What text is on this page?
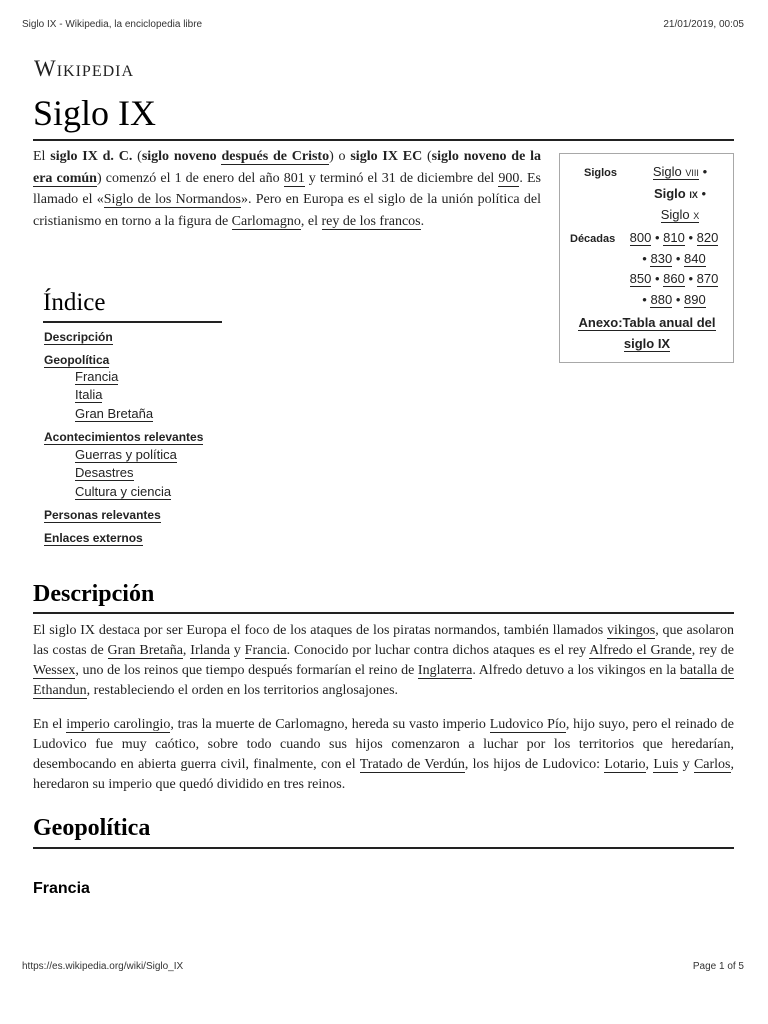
Siglo IX - Wikipedia, la enciclopedia libre	21/01/2019, 00:05
Wikipedia
Siglo IX

El siglo IX d. C. (siglo noveno después de Cristo) o siglo IX EC (siglo noveno de la era común) comenzó el 1 de enero del año 801 y terminó el 31 de diciembre del 900. Es llamado el «Siglo de los Normandos». Pero en Europa es el siglo de la unión política del cristianismo en torno a la figura de Carlomagno, el rey de los francos.

Siglos	Siglo VIII •
Siglo IX •
Siglo X
Décadas	800 • 810 • 820
• 830 • 840
850 • 860 • 870
• 880 • 890
Anexo:Tabla anual del siglo IX
Índice
Descripción
Geopolítica
Francia
Italia
Gran Bretaña
Acontecimientos relevantes
Guerras y política
Desastres
Cultura y ciencia
Personas relevantes
Enlaces externos
Descripción

El siglo IX destaca por ser Europa el foco de los ataques de los piratas normandos, también llamados vikingos, que asolaron las costas de Gran Bretaña, Irlanda y Francia. Conocido por luchar contra dichos ataques es el rey Alfredo el Grande, rey de Wessex, uno de los reinos que tiempo después formarían el reino de Inglaterra. Alfredo detuvo a los vikingos en la batalla de Ethandun, restableciendo el orden en los territorios anglosajones.

En el imperio carolingio, tras la muerte de Carlomagno, hereda su vasto imperio Ludovico Pío, hijo suyo, pero el reinado de Ludovico fue muy caótico, sobre todo cuando sus hijos comenzaron a luchar por los territorios que heredarían, desembocando en abierta guerra civil, finalmente, con el Tratado de Verdún, los hijos de Ludovico: Lotario, Luis y Carlos, heredaron su imperio que quedó dividido en tres reinos.

Geopolítica
Francia
https://es.wikipedia.org/wiki/Siglo_IX	Page 1 of 5
